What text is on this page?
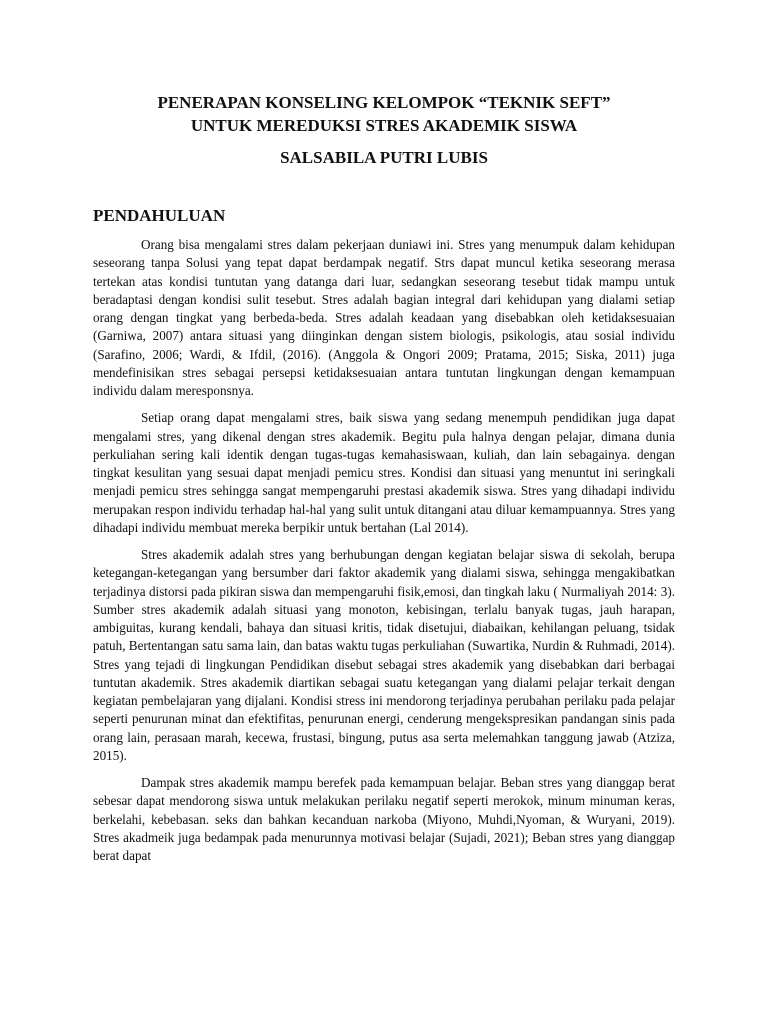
PENERAPAN KONSELING KELOMPOK “TEKNIK SEFT”
UNTUK MEREDUKSI STRES AKADEMIK SISWA
SALSABILA PUTRI LUBIS
PENDAHULUAN

Orang bisa mengalami stres dalam pekerjaan duniawi ini. Stres yang menumpuk dalam kehidupan seseorang tanpa Solusi yang tepat dapat berdampak negatif. Strs dapat muncul ketika seseorang merasa tertekan atas kondisi tuntutan yang datanga dari luar, sedangkan seseorang tesebut tidak mampu untuk beradaptasi dengan kondisi sulit tesebut. Stres adalah bagian integral dari kehidupan yang dialami setiap orang dengan tingkat yang berbeda-beda. Stres adalah keadaan yang disebabkan oleh ketidaksesuaian (Garniwa, 2007) antara situasi yang diinginkan dengan sistem biologis, psikologis, atau sosial individu (Sarafino, 2006; Wardi, & Ifdil, (2016). (Anggola & Ongori 2009; Pratama, 2015; Siska, 2011) juga mendefinisikan stres sebagai persepsi ketidaksesuaian antara tuntutan lingkungan dengan kemampuan individu dalam meresponsnya.

Setiap orang dapat mengalami stres, baik siswa yang sedang menempuh pendidikan juga dapat mengalami stres, yang dikenal dengan stres akademik. Begitu pula halnya dengan pelajar, dimana dunia perkuliahan sering kali identik dengan tugas-tugas kemahasiswaan, kuliah, dan lain sebagainya. dengan tingkat kesulitan yang sesuai dapat menjadi pemicu stres. Kondisi dan situasi yang menuntut ini seringkali menjadi pemicu stres sehingga sangat mempengaruhi prestasi akademik siswa. Stres yang dihadapi individu merupakan respon individu terhadap hal-hal yang sulit untuk ditangani atau diluar kemampuannya. Stres yang dihadapi individu membuat mereka berpikir untuk bertahan (Lal 2014).

Stres akademik adalah stres yang berhubungan dengan kegiatan belajar siswa di sekolah, berupa ketegangan-ketegangan yang bersumber dari faktor akademik yang dialami siswa, sehingga mengakibatkan terjadinya distorsi pada pikiran siswa dan mempengaruhi fisik,emosi, dan tingkah laku ( Nurmaliyah 2014: 3). Sumber stres akademik adalah situasi yang monoton, kebisingan, terlalu banyak tugas, jauh harapan, ambiguitas, kurang kendali, bahaya dan situasi kritis, tidak disetujui, diabaikan, kehilangan peluang, tsidak patuh, Bertentangan satu sama lain, dan batas waktu tugas perkuliahan (Suwartika, Nurdin & Ruhmadi, 2014). Stres yang tejadi di lingkungan Pendidikan disebut sebagai stres akademik yang disebabkan dari berbagai tuntutan akademik. Stres akademik diartikan sebagai suatu ketegangan yang dialami pelajar terkait dengan kegiatan pembelajaran yang dijalani. Kondisi stress ini mendorong terjadinya perubahan perilaku pada pelajar seperti penurunan minat dan efektifitas, penurunan energi, cenderung mengekspresikan pandangan sinis pada orang lain, perasaan marah, kecewa, frustasi, bingung, putus asa serta melemahkan tanggung jawab (Atziza, 2015).

Dampak stres akademik mampu berefek pada kemampuan belajar. Beban stres yang dianggap berat sebesar dapat mendorong siswa untuk melakukan perilaku negatif seperti merokok, minum minuman keras, berkelahi, kebebasan. seks dan bahkan kecanduan narkoba (Miyono, Muhdi,Nyoman, & Wuryani, 2019). Stres akadmeik juga bedampak pada menurunnya motivasi belajar (Sujadi, 2021); Beban stres yang dianggap berat dapat
